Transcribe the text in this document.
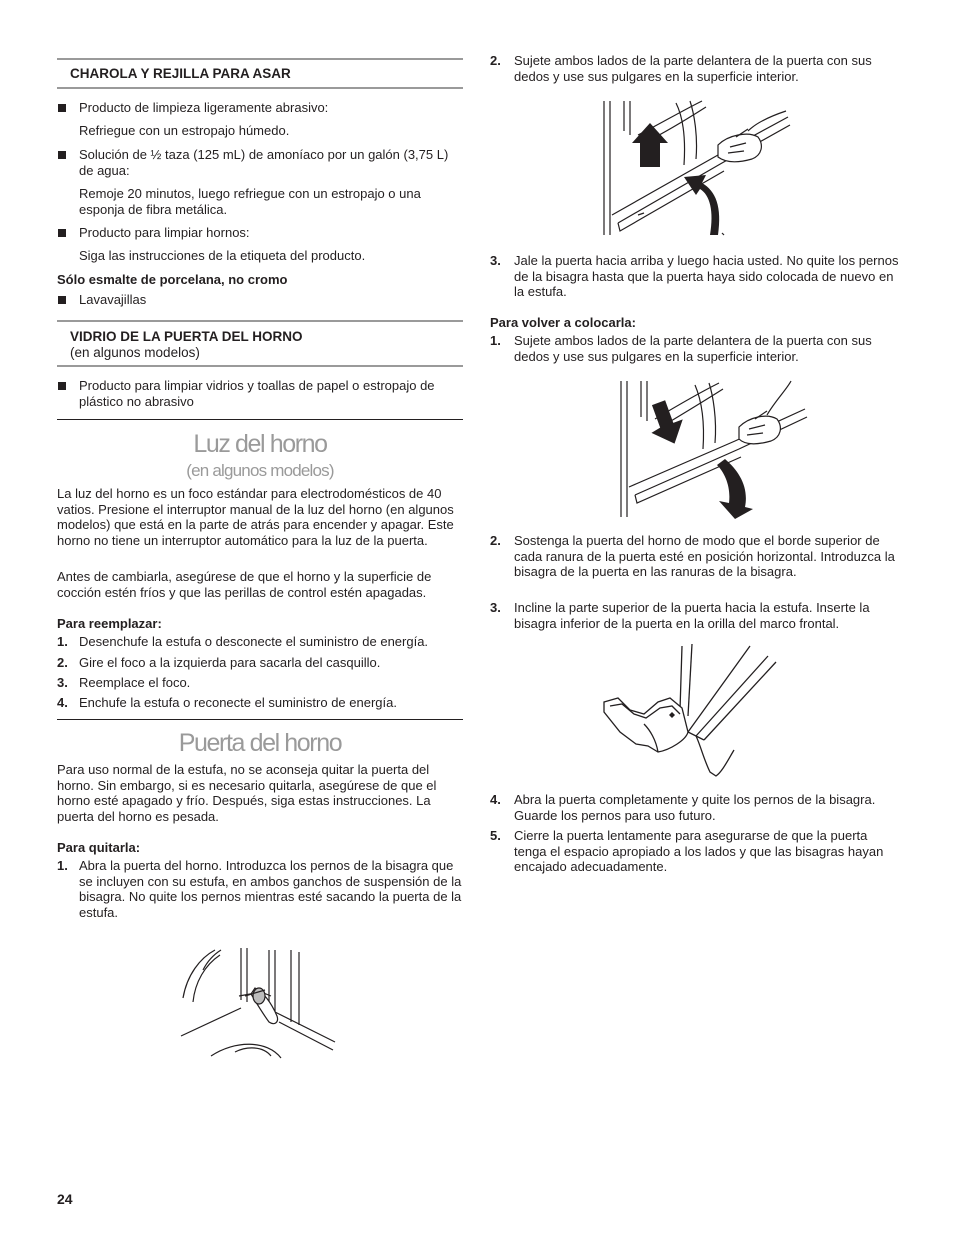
CHAROLA Y REJILLA PARA ASAR

Producto de limpieza ligeramente abrasivo:

Refriegue con un estropajo húmedo.

Solución de ½ taza (125 mL) de amoníaco por un galón (3,75 L) de agua:

Remoje 20 minutos, luego refriegue con un estropajo o una esponja de fibra metálica.

Producto para limpiar hornos:

Siga las instrucciones de la etiqueta del producto.

Sólo esmalte de porcelana, no cromo

Lavavajillas

VIDRIO DE LA PUERTA DEL HORNO
(en algunos modelos)

Producto para limpiar vidrios y toallas de papel o estropajo de plástico no abrasivo

Luz del horno
(en algunos modelos)

La luz del horno es un foco estándar para electrodomésticos de 40 vatios. Presione el interruptor manual de la luz del horno (en algunos modelos) que está en la parte de atrás para encender y apagar. Este horno no tiene un interruptor automático para la luz de la puerta.

Antes de cambiarla, asegúrese de que el horno y la superficie de cocción estén fríos y que las perillas de control estén apagadas.

Para reemplazar:

1. Desenchufe la estufa o desconecte el suministro de energía.

2. Gire el foco a la izquierda para sacarla del casquillo.

3. Reemplace el foco.

4. Enchufe la estufa o reconecte el suministro de energía.

Puerta del horno

Para uso normal de la estufa, no se aconseja quitar la puerta del horno. Sin embargo, si es necesario quitarla, asegúrese de que el horno esté apagado y frío. Después, siga estas instrucciones. La puerta del horno es pesada.

Para quitarla:

1. Abra la puerta del horno. Introduzca los pernos de la bisagra que se incluyen con su estufa, en ambos ganchos de suspensión de la bisagra. No quite los pernos mientras esté sacando la puerta de la estufa.

2. Sujete ambos lados de la parte delantera de la puerta con sus dedos y use sus pulgares en la superficie interior.

3. Jale la puerta hacia arriba y luego hacia usted. No quite los pernos de la bisagra hasta que la puerta haya sido colocada de nuevo en la estufa.

Para volver a colocarla:

1. Sujete ambos lados de la parte delantera de la puerta con sus dedos y use sus pulgares en la superficie interior.

2. Sostenga la puerta del horno de modo que el borde superior de cada ranura de la puerta esté en posición horizontal. Introduzca la bisagra de la puerta en las ranuras de la bisagra.

3. Incline la parte superior de la puerta hacia la estufa. Inserte la bisagra inferior de la puerta en la orilla del marco frontal.

4. Abra la puerta completamente y quite los pernos de la bisagra. Guarde los pernos para uso futuro.

5. Cierre la puerta lentamente para asegurarse de que la puerta tenga el espacio apropiado a los lados y que las bisagras hayan encajado adecuadamente.

24
